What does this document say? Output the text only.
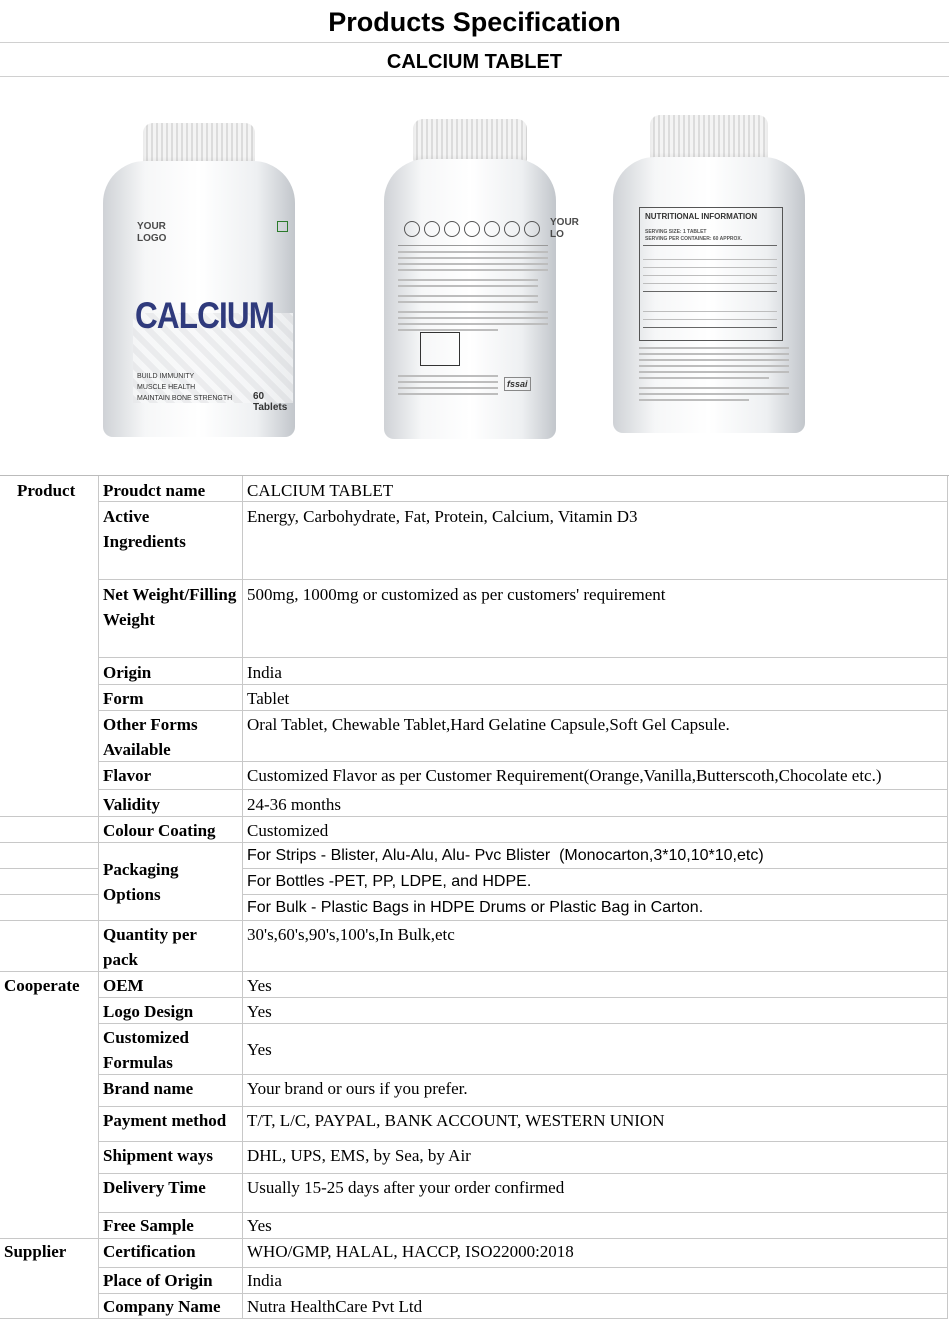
Products Specification
CALCIUM TABLET
YOUR
LOGO
CALCIUM
BUILD IMMUNITY
MUSCLE HEALTH
MAINTAIN BONE STRENGTH 60 Tablets
fssai
YOUR
LO
NUTRITIONAL INFORMATION
SERVING SIZE: 1 TABLET
SERVING PER CONTAINER: 60 APPROX.
Product
Cooperate
Supplier
Proudct name
Active Ingredients
Net Weight/Filling Weight
Origin
Form
Other Forms Available
Flavor
Validity
Colour Coating
Packaging Options
Quantity per pack
OEM
Logo Design
Customized Formulas
Brand name
Payment method
Shipment ways
Delivery Time
Free Sample
Certification
Place of Origin
Company Name
CALCIUM TABLET
Energy, Carbohydrate, Fat, Protein, Calcium, Vitamin D3
500mg, 1000mg or customized as per customers' requirement
India
Tablet
Oral Tablet, Chewable Tablet,Hard Gelatine Capsule,Soft Gel Capsule.
Customized Flavor as per Customer Requirement(Orange,Vanilla,Butterscoth,Chocolate etc.)
24-36 months
Customized
For Strips - Blister, Alu-Alu, Alu- Pvc Blister  (Monocarton,3*10,10*10,etc)
For Bottles -PET, PP, LDPE, and HDPE.
For Bulk - Plastic Bags in HDPE Drums or Plastic Bag in Carton.
30's,60's,90's,100's,In Bulk,etc
Yes
Yes
Yes
Your brand or ours if you prefer.
T/T, L/C, PAYPAL, BANK ACCOUNT, WESTERN UNION
DHL, UPS, EMS, by Sea, by Air
Usually 15-25 days after your order confirmed
Yes
WHO/GMP, HALAL, HACCP, ISO22000:2018
India
Nutra HealthCare Pvt Ltd
